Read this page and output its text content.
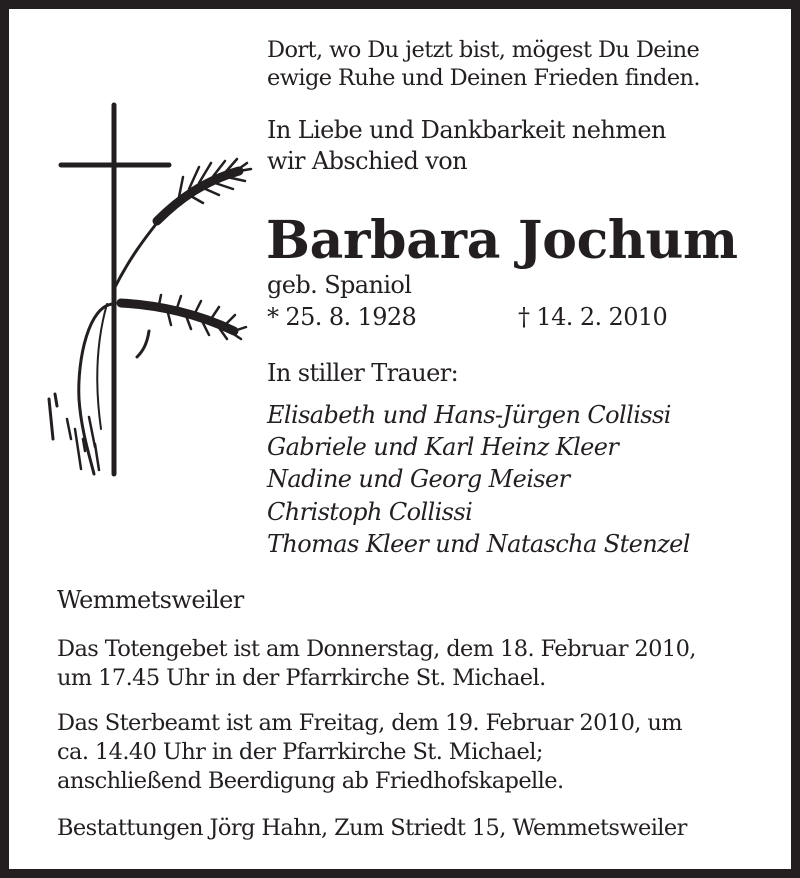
Dort, wo Du jetzt bist, mögest Du Deine

ewige Ruhe und Deinen Frieden finden.

In Liebe und Dankbarkeit nehmen

wir Abschied von

Barbara Jochum

geb. Spaniol

* 25. 8. 1928	† 14. 2. 2010

In stiller Trauer:

Elisabeth und Hans-Jürgen Collissi

Gabriele und Karl Heinz Kleer

Nadine und Georg Meiser

Christoph Collissi

Thomas Kleer und Natascha Stenzel

Wemmetsweiler

Das Totengebet ist am Donnerstag, dem 18. Februar 2010,

um 17.45 Uhr in der Pfarrkirche St. Michael.

Das Sterbeamt ist am Freitag, dem 19. Februar 2010, um

ca. 14.40 Uhr in der Pfarrkirche St. Michael;

anschließend Beerdigung ab Friedhofskapelle.

Bestattungen Jörg Hahn, Zum Striedt 15, Wemmetsweiler
